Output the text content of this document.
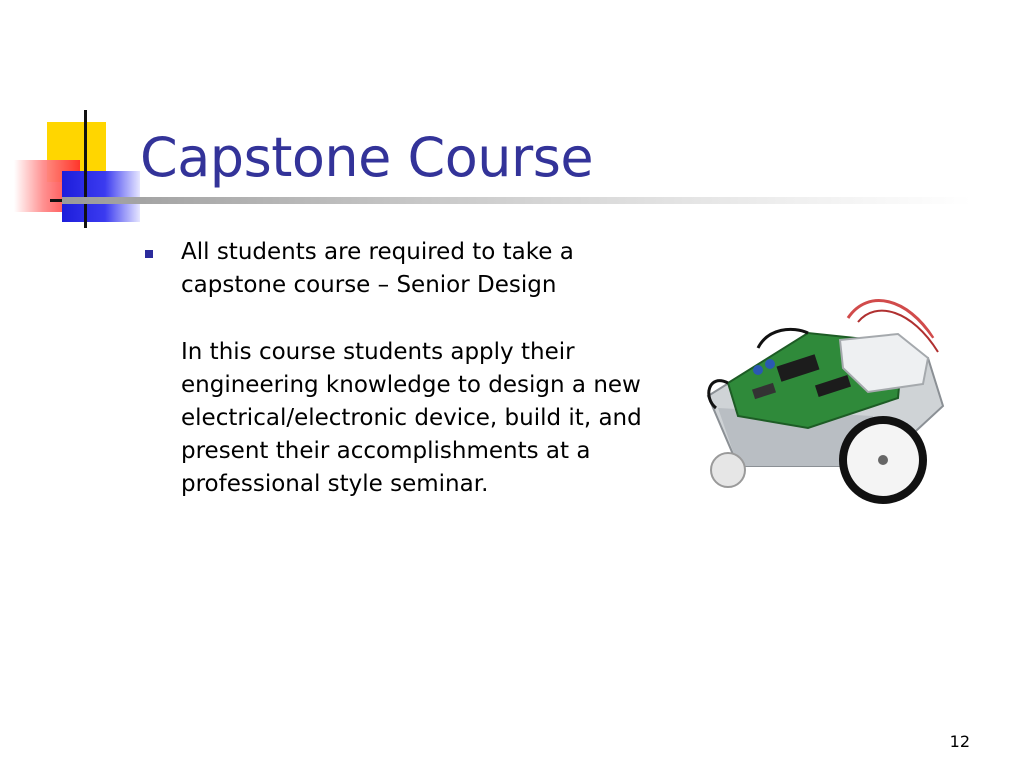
Capstone Course

All students are required to take a capstone course – Senior Design

In this course students apply their engineering knowledge to design a new electrical/electronic device, build it, and present their accomplishments at a professional style seminar.

12
